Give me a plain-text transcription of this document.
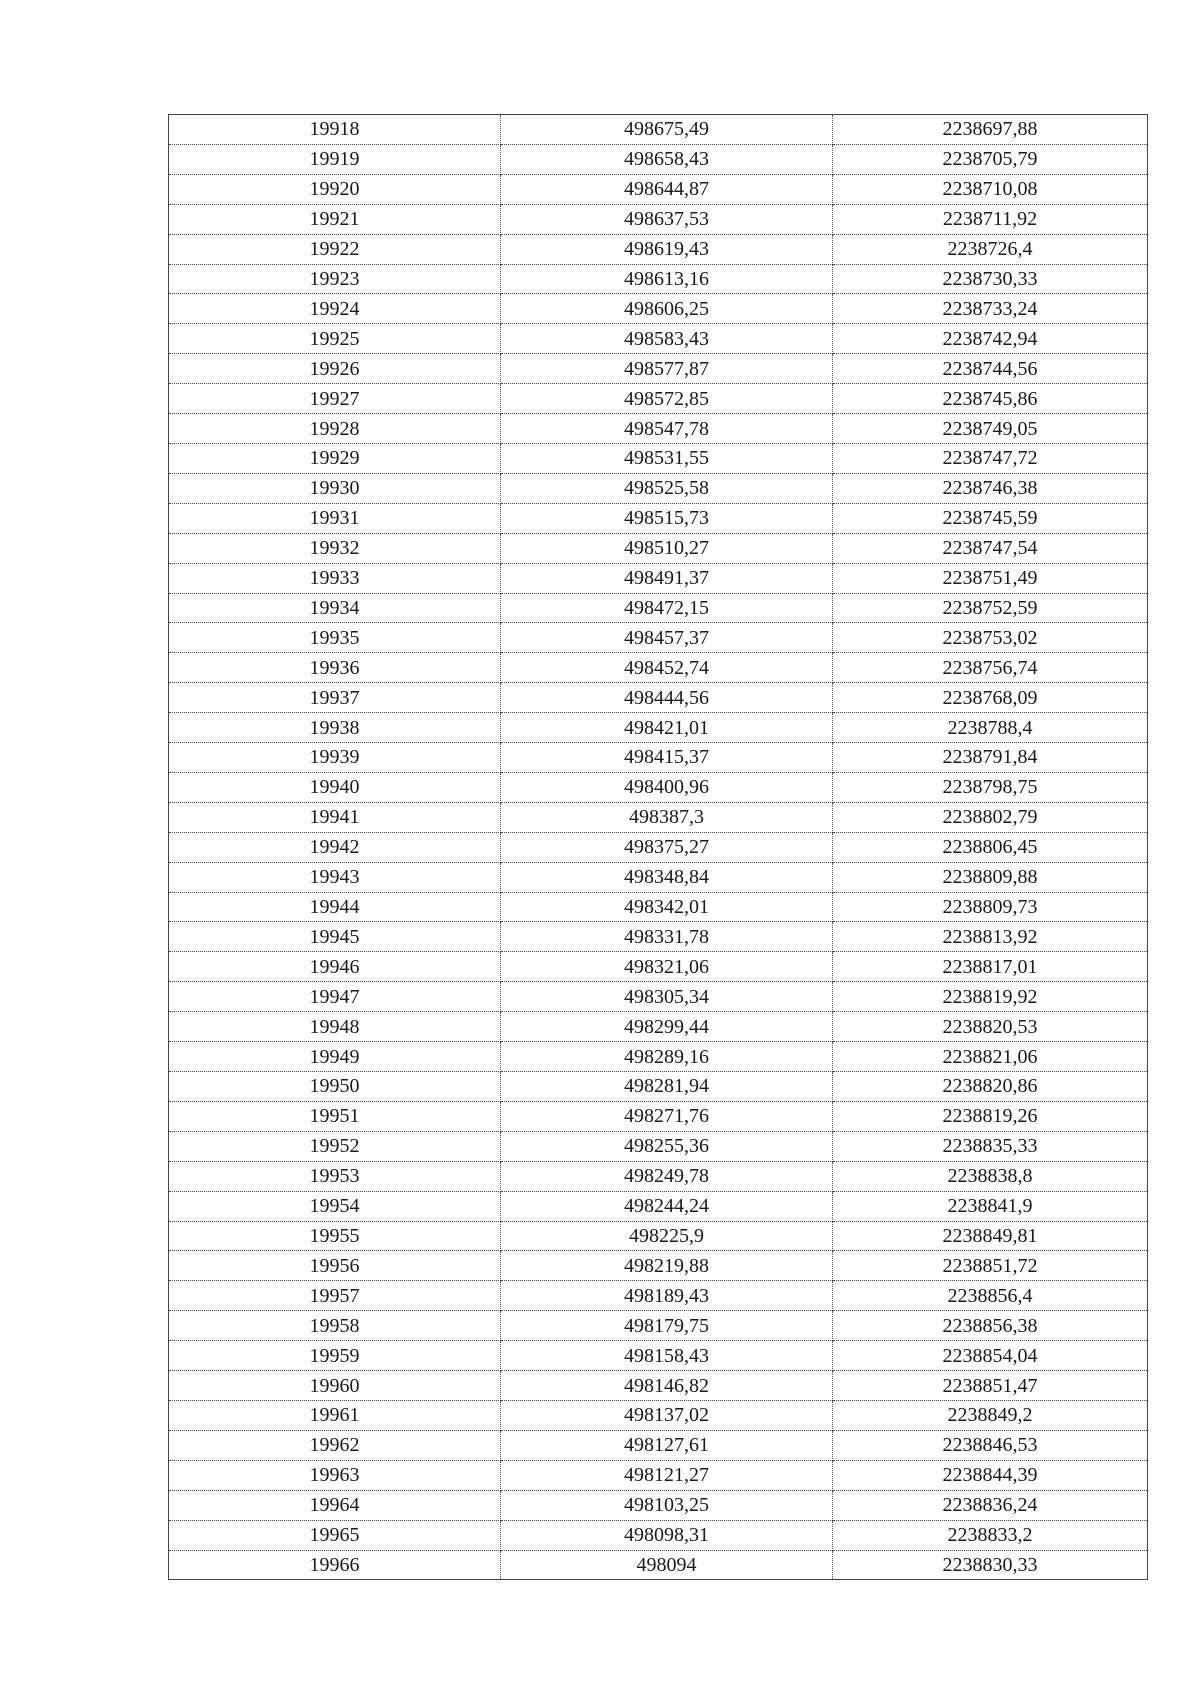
19918	498675,49	2238697,88
19919	498658,43	2238705,79
19920	498644,87	2238710,08
19921	498637,53	2238711,92
19922	498619,43	2238726,4
19923	498613,16	2238730,33
19924	498606,25	2238733,24
19925	498583,43	2238742,94
19926	498577,87	2238744,56
19927	498572,85	2238745,86
19928	498547,78	2238749,05
19929	498531,55	2238747,72
19930	498525,58	2238746,38
19931	498515,73	2238745,59
19932	498510,27	2238747,54
19933	498491,37	2238751,49
19934	498472,15	2238752,59
19935	498457,37	2238753,02
19936	498452,74	2238756,74
19937	498444,56	2238768,09
19938	498421,01	2238788,4
19939	498415,37	2238791,84
19940	498400,96	2238798,75
19941	498387,3	2238802,79
19942	498375,27	2238806,45
19943	498348,84	2238809,88
19944	498342,01	2238809,73
19945	498331,78	2238813,92
19946	498321,06	2238817,01
19947	498305,34	2238819,92
19948	498299,44	2238820,53
19949	498289,16	2238821,06
19950	498281,94	2238820,86
19951	498271,76	2238819,26
19952	498255,36	2238835,33
19953	498249,78	2238838,8
19954	498244,24	2238841,9
19955	498225,9	2238849,81
19956	498219,88	2238851,72
19957	498189,43	2238856,4
19958	498179,75	2238856,38
19959	498158,43	2238854,04
19960	498146,82	2238851,47
19961	498137,02	2238849,2
19962	498127,61	2238846,53
19963	498121,27	2238844,39
19964	498103,25	2238836,24
19965	498098,31	2238833,2
19966	498094	2238830,33
